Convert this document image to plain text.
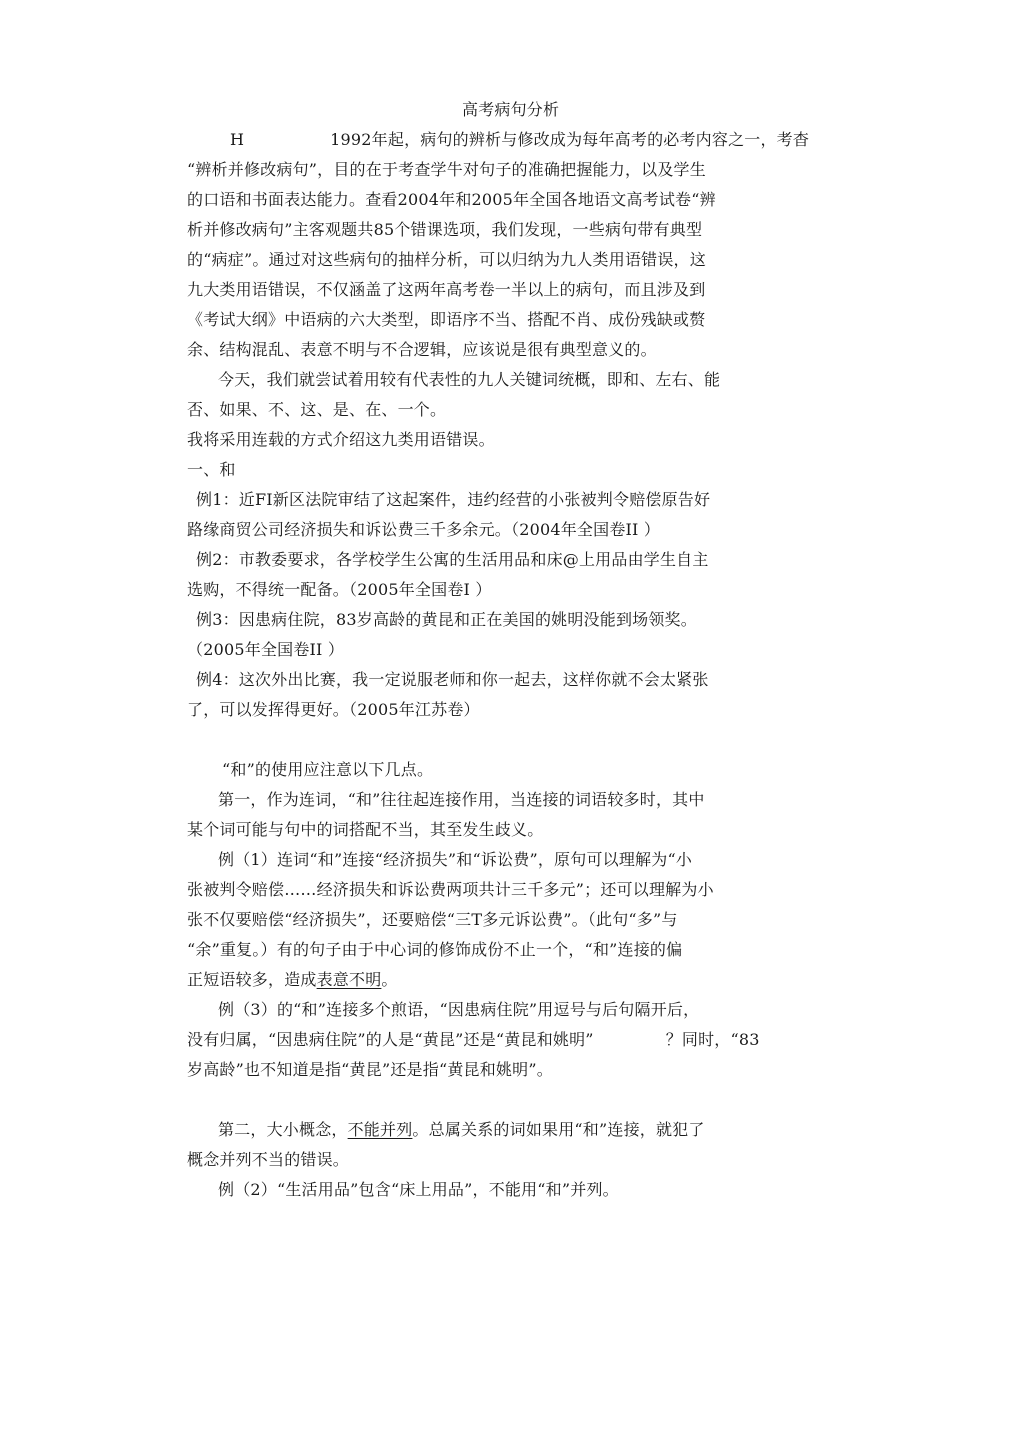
高考病句分析
H	1992年起，病句的辨析与修改成为每年高考的必考内容之一，考杳
“辨析并修改病句”，目的在于考查学牛对句子的准确把握能力，以及学生
的口语和书面表达能力。查看2004年和2005年全国各地语文高考试卷“辨
析并修改病句”主客观题共85个错课选项，我们发现，一些病句带有典型
的“病症”。通过对这些病句的抽样分析，可以归纳为九人类用语错误，这
九大类用语错误，不仅涵盖了这两年高考卷一半以上的病句，而且涉及到
《考试大纲》中语病的六大类型，即语序不当、搭配不肖、成份残缺或赘
余、结构混乱、表意不明与不合逻辑，应该说是很有典型意义的。
今天，我们就尝试着用较有代表性的九人关键词统概，即和、左右、能
否、如果、不、这、是、在、一个。
我将采用连载的方式介绍这九类用语错误。
一、和
例1：近FI新区法院审结了这起案件，违约经营的小张被判令赔偿原告好
路缘商贸公司经济损失和诉讼费三千多余元。（2004年全国卷II ）
例2：市教委要求，各学校学生公寓的生活用品和床@上用品由学生自主
选购，不得统一配备。（2005年全国卷I ）
例3：因患病住院，83岁高龄的黄昆和正在美国的姚明没能到场领奖。
（2005年全国卷II ）
例4：这次外出比赛，我一定说服老师和你一起去，这样你就不会太紧张
了，可以发挥得更好。（2005年江苏卷）
“和”的使用应注意以下几点。
第一，作为连词，“和”往往起连接作用，当连接的词语较多时，其中
某个词可能与句中的词搭配不当，其至发生歧义。
例（1）连词“和”连接“经济损失”和“诉讼费”，原句可以理解为“小
张被判令赔偿……经济损失和诉讼费两项共计三千多元”；还可以理解为小
张不仅要赔偿“经济损失”，还要赔偿“三T多元诉讼费”。（此句“多”与
“余”重复。）有的句子由于中心词的修饰成份不止一个，“和”连接的偏
正短语较多，造成表意不明。
例（3）的“和”连接多个煎语，“因患病住院”用逗号与后句隔开后，
没有归属，“因患病住院”的人是“黄昆”还是“黄昆和姚明”	？同时，“83
岁高龄”也不知道是指“黄昆”还是指“黄昆和姚明”。
第二，大小概念，不能并列。总属关系的词如果用“和”连接，就犯了
概念并列不当的错误。
例（2）“生活用品”包含“床上用品”，不能用“和”并列。
